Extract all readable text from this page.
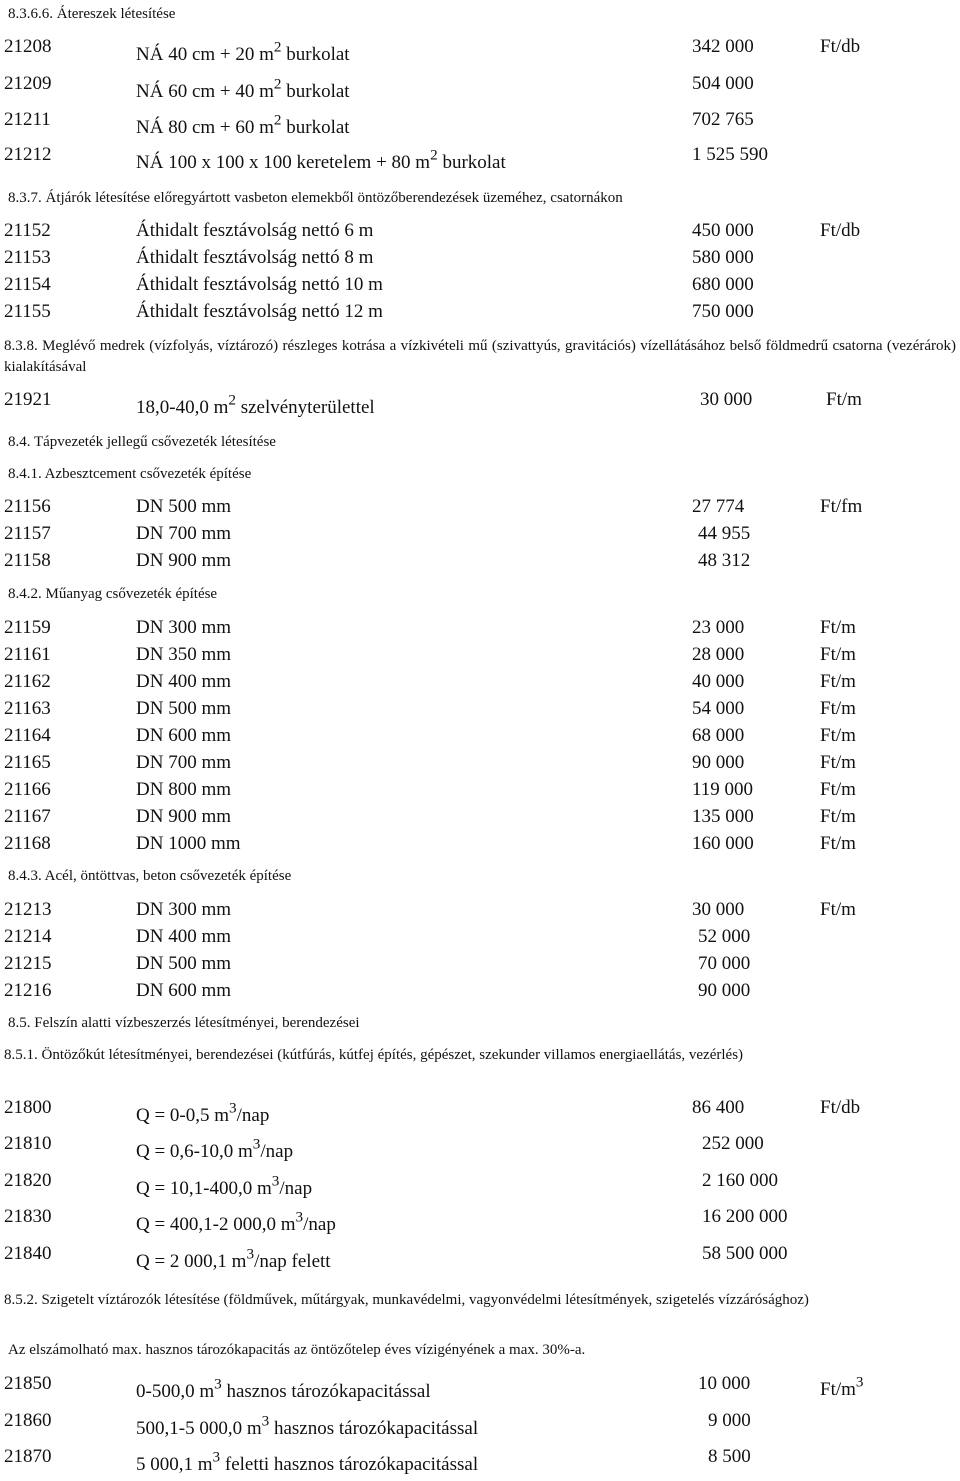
8.3.6.6. Átereszek létesítése
21208	NÁ 40 cm + 20 $m^2$ burkolat	342 000	Ft/db
21209	NÁ 60 cm + 40 $m^2$ burkolat	504 000
21211	NÁ 80 cm + 60 $m^2$ burkolat	702 765
21212	NÁ 100 x 100 x 100 keretelem + 80 $m^2$ burkolat	1 525 590
8.3.7. Átjárók létesítése előregyártott vasbeton elemekből öntözőberendezések üzeméhez, csatornákon
21152	Áthidalt fesztávolság nettó 6 m	450 000	Ft/db
21153	Áthidalt fesztávolság nettó 8 m	580 000
21154	Áthidalt fesztávolság nettó 10 m	680 000
21155	Áthidalt fesztávolság nettó 12 m	750 000
8.3.8. Meglévő medrek (vízfolyás, víztározó) részleges kotrása a vízkivételi mű (szivattyús, gravitációs) vízellátásához belső földmedrű csatorna (vezérárok) kialakításával
21921	18,0-40,0 $m^2$ szelvényterülettel	30 000	Ft/m
8.4. Tápvezeték jellegű csővezeték létesítése
8.4.1. Azbesztcement csővezeték építése
21156	DN 500 mm	27 774	Ft/fm
21157	DN 700 mm	44 955
21158	DN 900 mm	48 312
8.4.2. Műanyag csővezeték építése
21159	DN 300 mm	23 000	Ft/m
21161	DN 350 mm	28 000	Ft/m
21162	DN 400 mm	40 000	Ft/m
21163	DN 500 mm	54 000	Ft/m
21164	DN 600 mm	68 000	Ft/m
21165	DN 700 mm	90 000	Ft/m
21166	DN 800 mm	119 000	Ft/m
21167	DN 900 mm	135 000	Ft/m
21168	DN 1000 mm	160 000	Ft/m
8.4.3. Acél, öntöttvas, beton csővezeték építése
21213	DN 300 mm	30 000	Ft/m
21214	DN 400 mm	52 000
21215	DN 500 mm	70 000
21216	DN 600 mm	90 000
8.5. Felszín alatti vízbeszerzés létesítményei, berendezései
8.5.1. Öntözőkút létesítményei, berendezései (kútfúrás, kútfej építés, gépészet, szekunder villamos energiaellátás, vezérlés)
21800	Q = 0-0,5 $m^3$/nap	86 400	Ft/db
21810	Q = 0,6-10,0 $m^3$/nap	252 000
21820	Q = 10,1-400,0 $m^3$/nap	2 160 000
21830	Q = 400,1-2 000,0 $m^3$/nap	16 200 000
21840	Q = 2 000,1 $m^3$/nap felett	58 500 000
8.5.2. Szigetelt víztározók létesítése (földművek, műtárgyak, munkavédelmi, vagyonvédelmi létesítmények, szigetelés vízzárósághoz)
Az elszámolható max. hasznos tározókapacitás az öntözőtelep éves vízigényének a max. 30%-a.
21850	0-500,0 $m^3$ hasznos tározókapacitással	10 000	$Ft/m^3$
21860	500,1-5 000,0 $m^3$ hasznos tározókapacitással	9 000
21870	5 000,1 $m^3$ feletti hasznos tározókapacitással	8 500
